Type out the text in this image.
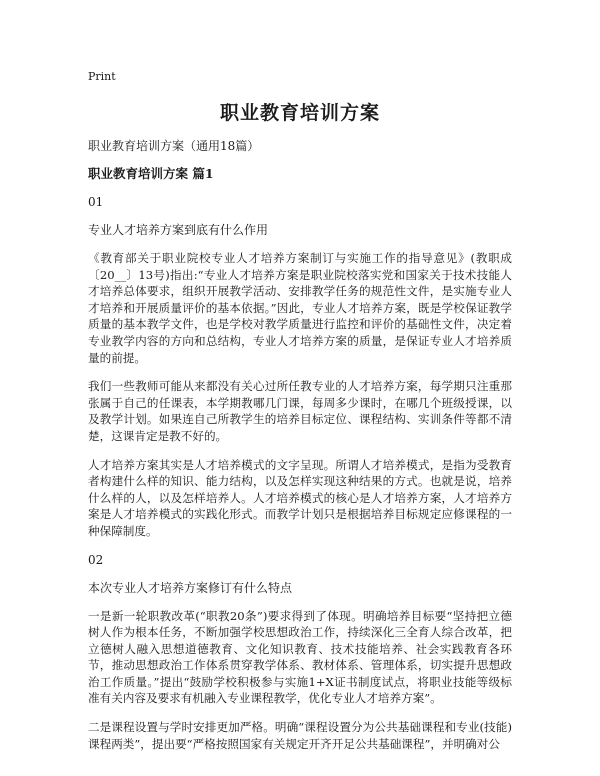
Print
职业教育培训方案
职业教育培训方案（通用18篇）
职业教育培训方案 篇1
01
专业人才培养方案到底有什么作用

《教育部关于职业院校专业人才培养方案制订与实施工作的指导意见》(教职成〔20__〕13号)指出:“专业人才培养方案是职业院校落实党和国家关于技术技能人才培养总体要求，组织开展教学活动、安排教学任务的规范性文件，是实施专业人才培养和开展质量评价的基本依据。”因此，专业人才培养方案，既是学校保证教学质量的基本教学文件，也是学校对教学质量进行监控和评价的基础性文件，决定着专业教学内容的方向和总结构，专业人才培养方案的质量，是保证专业人才培养质量的前提。

我们一些教师可能从来都没有关心过所任教专业的人才培养方案，每学期只注重那张属于自己的任课表，本学期教哪几门课，每周多少课时，在哪几个班级授课，以及教学计划。如果连自己所教学生的培养目标定位、课程结构、实训条件等都不清楚，这课肯定是教不好的。

人才培养方案其实是人才培养模式的文字呈现。所谓人才培养模式，是指为受教育者构建什么样的知识、能力结构，以及怎样实现这种结果的方式。也就是说，培养什么样的人，以及怎样培养人。人才培养模式的核心是人才培养方案，人才培养方案是人才培养模式的实践化形式。而教学计划只是根据培养目标规定应修课程的一种保障制度。

02
本次专业人才培养方案修订有什么特点

一是新一轮职教改革(“职教20条”)要求得到了体现。明确培养目标要“坚持把立德树人作为根本任务，不断加强学校思想政治工作，持续深化三全育人综合改革，把立德树人融入思想道德教育、文化知识教育、技术技能培养、社会实践教育各环节，推动思想政治工作体系贯穿教学体系、教材体系、管理体系，切实提升思想政治工作质量。”提出“鼓励学校积极参与实施1+X证书制度试点，将职业技能等级标准有关内容及要求有机融入专业课程教学，优化专业人才培养方案”。

二是课程设置与学时安排更加严格。明确“课程设置分为公共基础课程和专业(技能)课程两类”，提出要“严格按照国家有关规定开齐开足公共基础课程”，并明确对公
